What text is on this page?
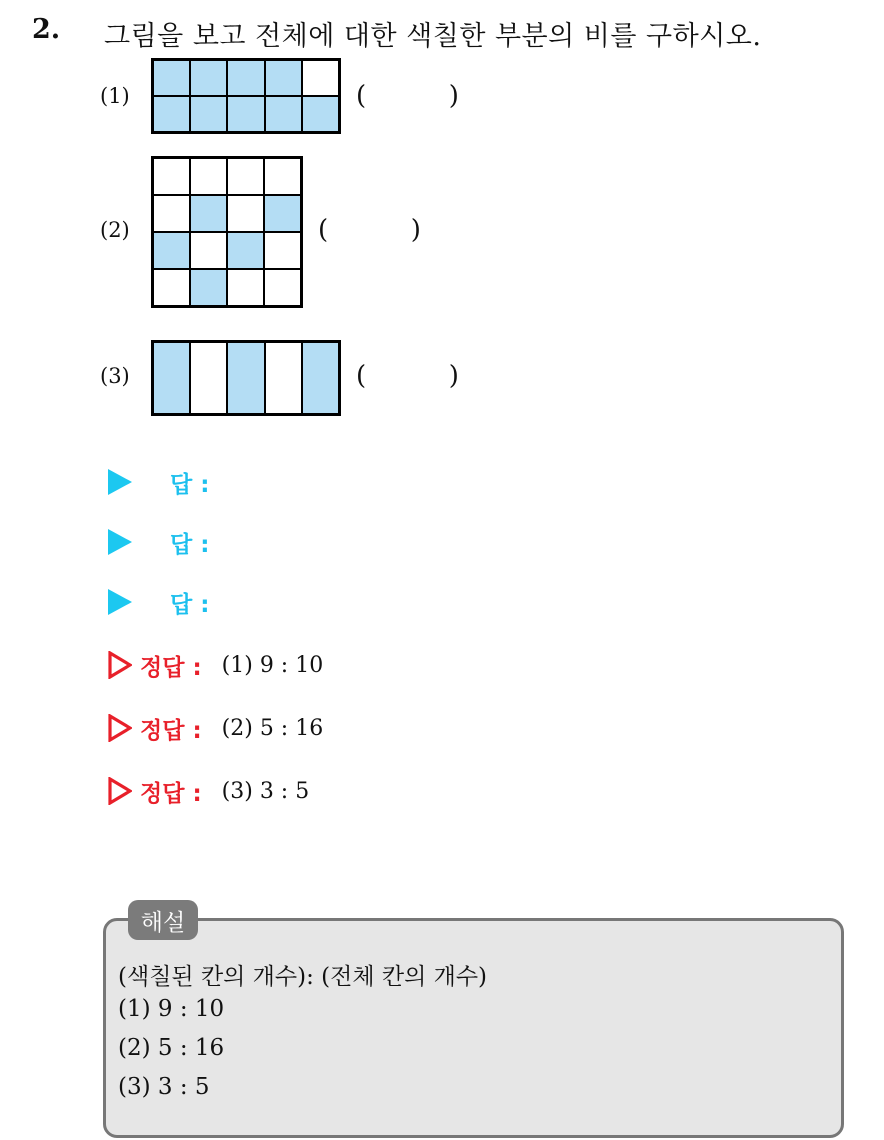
2. 그림을 보고 전체에 대한 색칠한 부분의 비를 구하시오.
(1)	(          )
(2)	(          )
(3)	(          )
답 :
답 :
답 :
정답 : (1) 9 : 10
정답 : (2) 5 : 16
정답 : (3) 3 : 5
해설
(색칠된 칸의 개수): (전체 칸의 개수)
(1) 9 : 10
(2) 5 : 16
(3) 3 : 5
